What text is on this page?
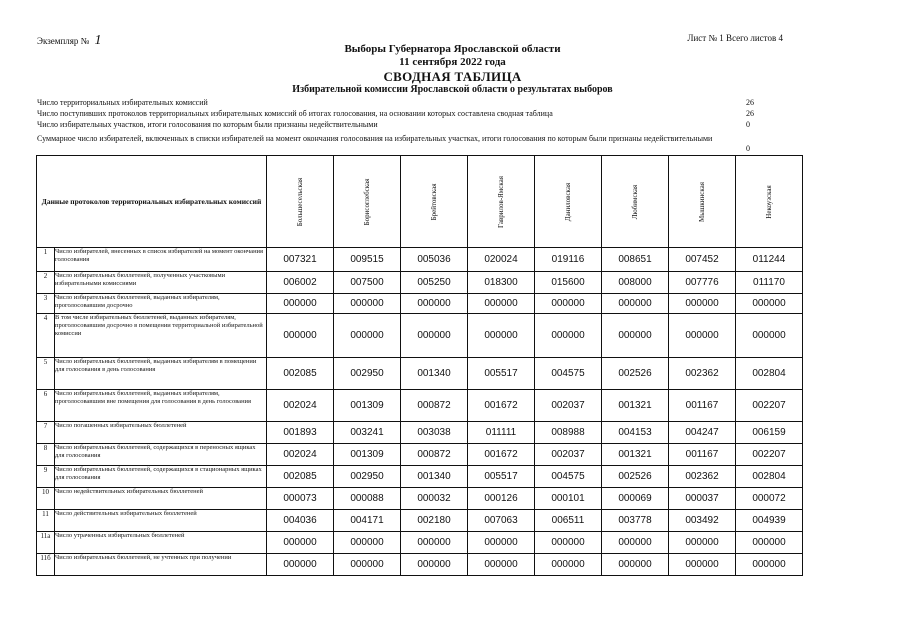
Экземпляр № 1	Лист № 1 Всего листов 4
Выборы Губернатора Ярославской области
11 сентября 2022 года
СВОДНАЯ ТАБЛИЦА
Избирательной комиссии Ярославской области о результатах выборов
Число территориальных избирательных комиссий	26
Число поступивших протоколов территориальных избирательных комиссий об итогах голосования, на основании которых составлена сводная таблица	26
Число избирательных участков, итоги голосования по которым были признаны недействительными	0
Суммарное число избирателей, включенных в списки избирателей на момент окончания голосования на избирательных участках, итоги голосования по которым были признаны недействительными
0
Данные протоколов территориальных избирательных комиссий		Большесельская	Борисоглебская	Брейтовская	Гаврилов-Ямская	Даниловская	Любимская	Мышкинская	Некоузская

1	Число избирателей, внесенных в список избирателей на момент окончания голосования	007321	009515	005036	020024	019116	008651	007452	011244
2	Число избирательных бюллетеней, полученных участковыми избирательными комиссиями	006002	007500	005250	018300	015600	008000	007776	011170
3	Число избирательных бюллетеней, выданных избирателям, проголосовавшим досрочно	000000	000000	000000	000000	000000	000000	000000	000000
4	В том числе избирательных бюллетеней, выданных избирателям, проголосовавшим досрочно в помещении территориальной избирательной комиссии	000000	000000	000000	000000	000000	000000	000000	000000
5	Число избирательных бюллетеней, выданных избирателям в помещении для голосования в день голосования	002085	002950	001340	005517	004575	002526	002362	002804
6	Число избирательных бюллетеней, выданных избирателям, проголосовавшим вне помещения для голосования в день голосования	002024	001309	000872	001672	002037	001321	001167	002207
7	Число погашенных избирательных бюллетеней	001893	003241	003038	011111	008988	004153	004247	006159
8	Число избирательных бюллетеней, содержащихся в переносных ящиках для голосования	002024	001309	000872	001672	002037	001321	001167	002207
9	Число избирательных бюллетеней, содержащихся в стационарных ящиках для голосования	002085	002950	001340	005517	004575	002526	002362	002804
10	Число недействительных избирательных бюллетеней	000073	000088	000032	000126	000101	000069	000037	000072
11	Число действительных избирательных бюллетеней	004036	004171	002180	007063	006511	003778	003492	004939
11а	Число утраченных избирательных бюллетеней	000000	000000	000000	000000	000000	000000	000000	000000
11б	Число избирательных бюллетеней, не учтенных при получении	000000	000000	000000	000000	000000	000000	000000	000000
